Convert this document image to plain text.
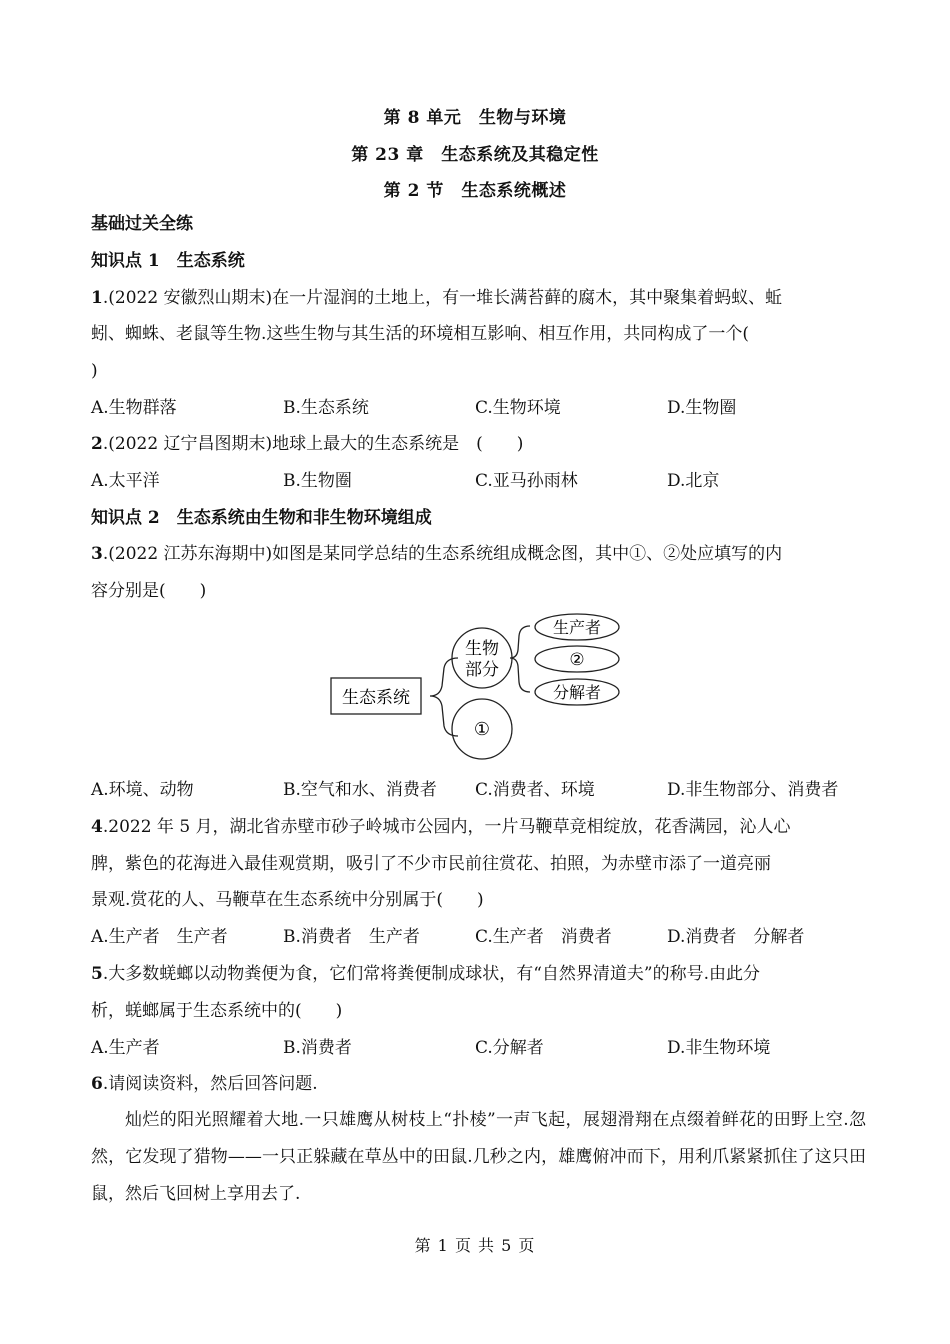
第 8 单元　生物与环境
第 23 章　生态系统及其稳定性
第 2 节　生态系统概述
基础过关全练
知识点 1　生态系统
1.(2022 安徽烈山期末)在一片湿润的土地上，有一堆长满苔藓的腐木，其中聚集着蚂蚁、蚯
蚓、蜘蛛、老鼠等生物.这些生物与其生活的环境相互影响、相互作用，共同构成了一个(
)
A.生物群落	B.生态系统	C.生物环境	D.生物圈
2.(2022 辽宁昌图期末)地球上最大的生态系统是　(　　)
A.太平洋	B.生物圈	C.亚马孙雨林	D.北京
知识点 2　生态系统由生物和非生物环境组成
3.(2022 江苏东海期中)如图是某同学总结的生态系统组成概念图，其中①、②处应填写的内
容分别是(　　)
生态系统
生物
部分
①
生产者
②
分解者
A.环境、动物	B.空气和水、消费者 C.消费者、环境	D.非生物部分、消费者
4.2022 年 5 月，湖北省赤壁市砂子岭城市公园内，一片马鞭草竞相绽放，花香满园，沁人心
脾，紫色的花海进入最佳观赏期，吸引了不少市民前往赏花、拍照，为赤壁市添了一道亮丽
景观.赏花的人、马鞭草在生态系统中分别属于(　　)
A.生产者　生产者	B.消费者　生产者	C.生产者　消费者	D.消费者　分解者
5.大多数蜣螂以动物粪便为食，它们常将粪便制成球状，有“自然界清道夫”的称号.由此分
析，蜣螂属于生态系统中的(　　)
A.生产者	B.消费者	C.分解者	D.非生物环境
6.请阅读资料，然后回答问题.
灿烂的阳光照耀着大地.一只雄鹰从树枝上“扑棱”一声飞起，展翅滑翔在点缀着鲜花的田野上空.忽然，它发现了猎物——一只正躲藏在草丛中的田鼠.几秒之内，雄鹰俯冲而下，用利爪紧紧抓住了这只田鼠，然后飞回树上享用去了.
第 1 页 共 5 页
